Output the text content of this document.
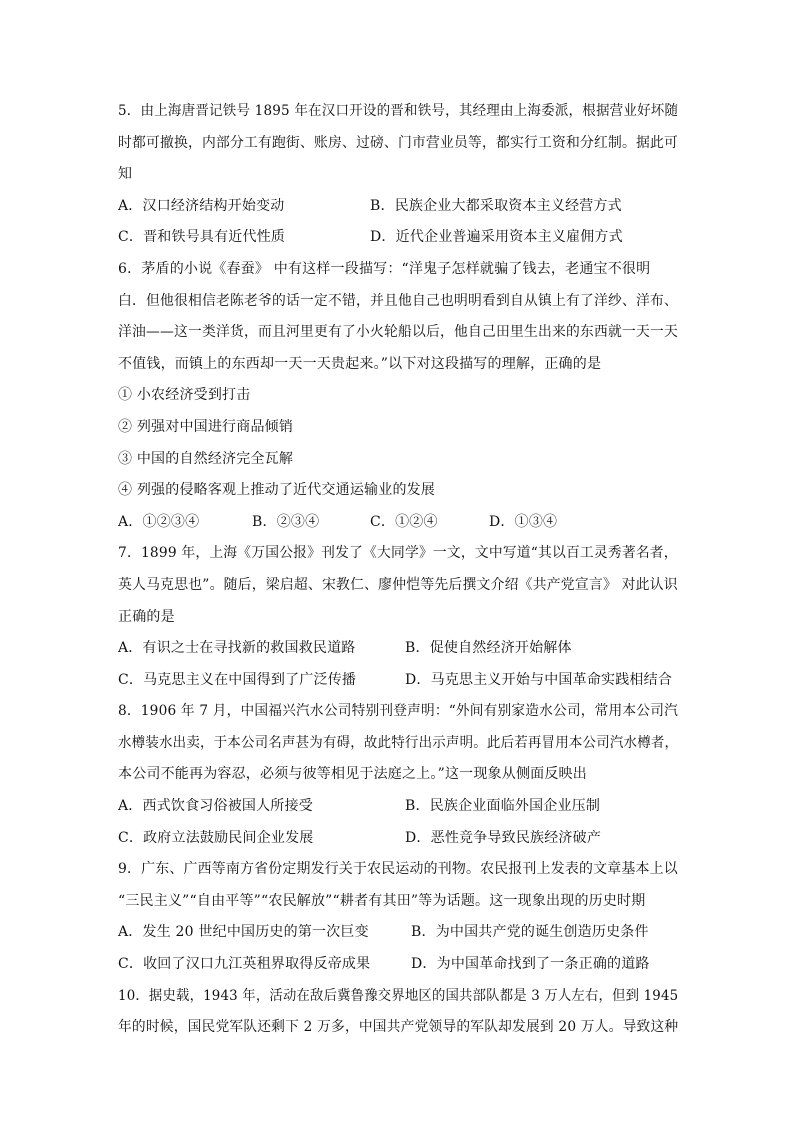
5．由上海唐晋记铁号 1895 年在汉口开设的晋和铁号，其经理由上海委派，根据营业好坏随
时都可撤换，内部分工有跑街、账房、过磅、门市营业员等，都实行工资和分红制。据此可
知
A．汉口经济结构开始变动	B．民族企业大都采取资本主义经营方式
C．晋和铁号具有近代性质	D．近代企业普遍采用资本主义雇佣方式
6．茅盾的小说《春蚕》 中有这样一段描写：“洋鬼子怎样就骗了钱去，老通宝不很明
白．但他很相信老陈老爷的话一定不错，并且他自己也明明看到自从镇上有了洋纱、洋布、
洋油——这一类洋货，而且河里更有了小火轮船以后，他自己田里生出来的东西就一天一天
不值钱，而镇上的东西却一天一天贵起来。”以下对这段描写的理解，正确的是
① 小农经济受到打击
② 列强对中国进行商品倾销
③ 中国的自然经济完全瓦解
④ 列强的侵略客观上推动了近代交通运输业的发展
A．①②③④	B．②③④	C．①②④	D．①③④
7．1899 年，上海《万国公报》刊发了《大同学》一文，文中写道“其以百工灵秀著名者，
英人马克思也”。随后，梁启超、宋教仁、廖仲恺等先后撰文介绍《共产党宣言》 对此认识
正确的是
A．有识之士在寻找新的救国救民道路	B．促使自然经济开始解体
C．马克思主义在中国得到了广泛传播	D．马克思主义开始与中国革命实践相结合
8．1906 年 7 月，中国福兴汽水公司特别刊登声明：“外间有别家造水公司，常用本公司汽
水樽装水出卖，于本公司名声甚为有碍，故此特行出示声明。此后若再冒用本公司汽水樽者，
本公司不能再为容忍，必须与彼等相见于法庭之上。”这一现象从侧面反映出
A．西式饮食习俗被国人所接受	B．民族企业面临外国企业压制
C．政府立法鼓励民间企业发展	D．恶性竞争导致民族经济破产
9．广东、广西等南方省份定期发行关于农民运动的刊物。农民报刊上发表的文章基本上以
“三民主义”“自由平等”“农民解放”“耕者有其田”等为话题。这一现象出现的历史时期
A．发生 20 世纪中国历史的第一次巨变	B．为中国共产党的诞生创造历史条件
C．收回了汉口九江英租界取得反帝成果	D．为中国革命找到了一条正确的道路
10．据史载，1943 年，活动在敌后冀鲁豫交界地区的国共部队都是 3 万人左右，但到 1945
年的时候，国民党军队还剩下 2 万多，中国共产党领导的军队却发展到 20 万人。导致这种
